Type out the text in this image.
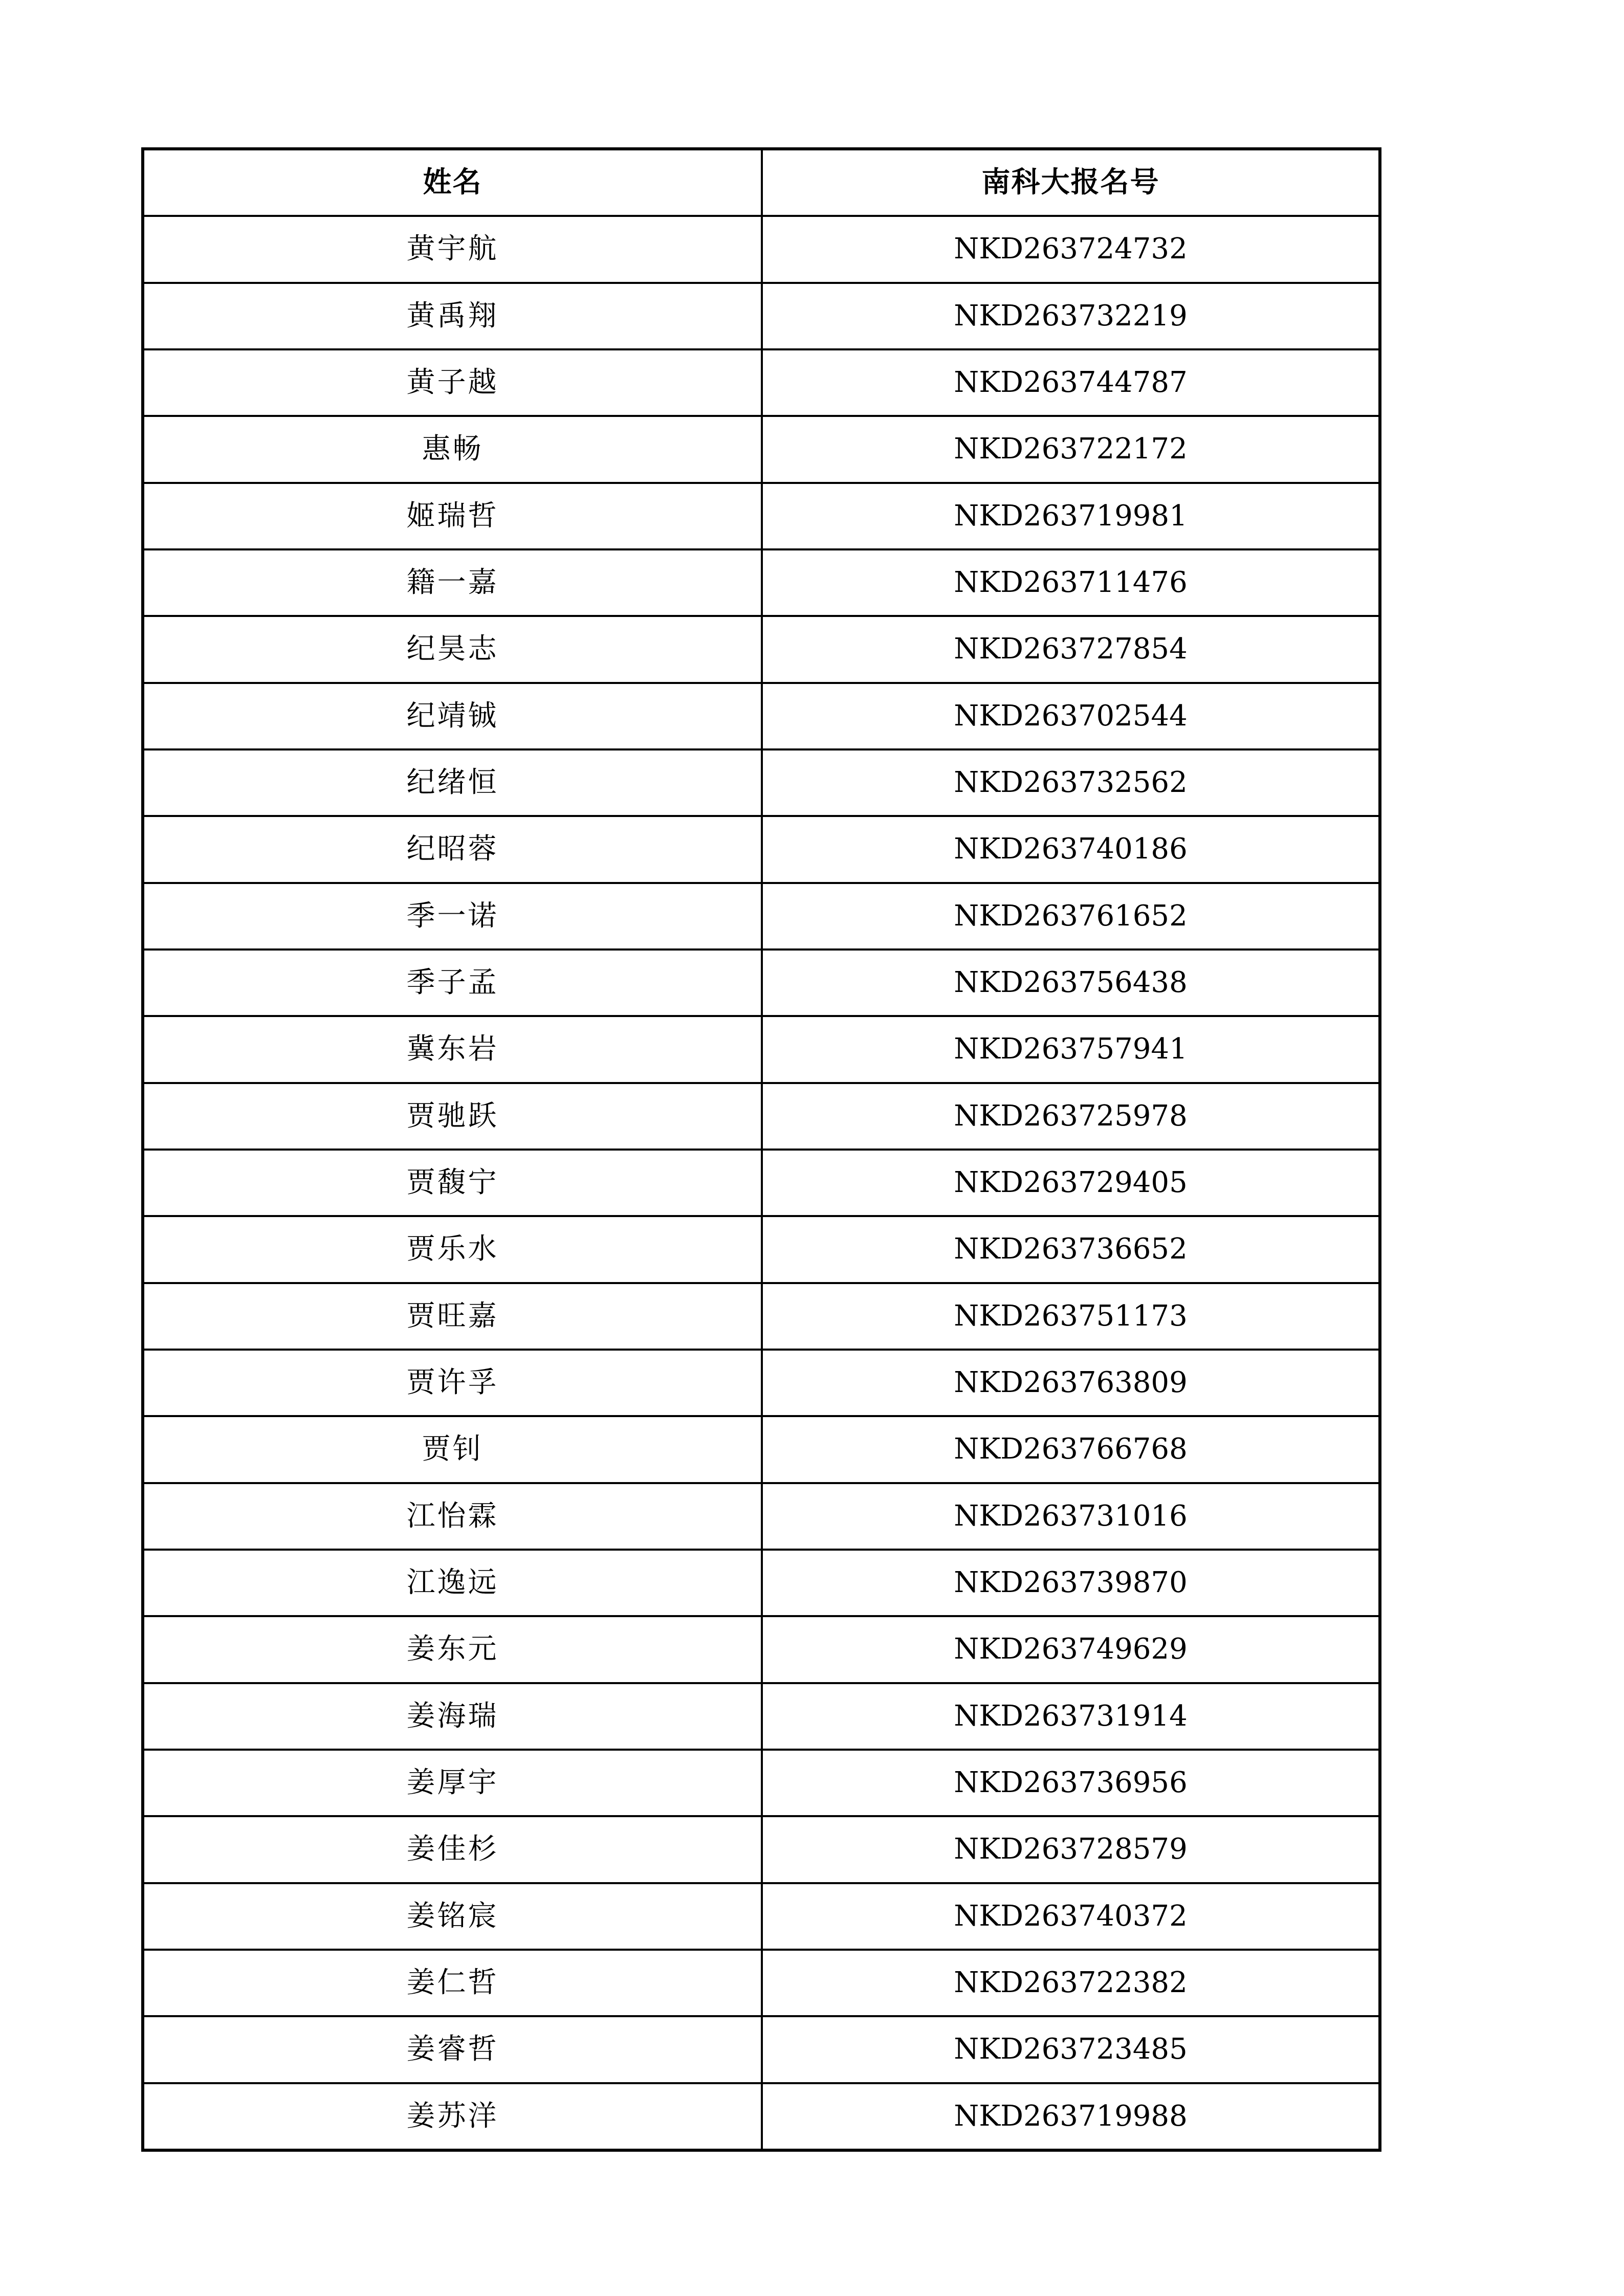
姓名	南科大报名号
黄宇航	NKD263724732
黄禹翔	NKD263732219
黄子越	NKD263744787
惠畅	NKD263722172
姬瑞哲	NKD263719981
籍一嘉	NKD263711476
纪昊志	NKD263727854
纪靖铖	NKD263702544
纪绪恒	NKD263732562
纪昭蓉	NKD263740186
季一诺	NKD263761652
季子孟	NKD263756438
冀东岩	NKD263757941
贾驰跃	NKD263725978
贾馥宁	NKD263729405
贾乐水	NKD263736652
贾旺嘉	NKD263751173
贾许孚	NKD263763809
贾钊	NKD263766768
江怡霖	NKD263731016
江逸远	NKD263739870
姜东元	NKD263749629
姜海瑞	NKD263731914
姜厚宇	NKD263736956
姜佳杉	NKD263728579
姜铭宸	NKD263740372
姜仁哲	NKD263722382
姜睿哲	NKD263723485
姜苏洋	NKD263719988
